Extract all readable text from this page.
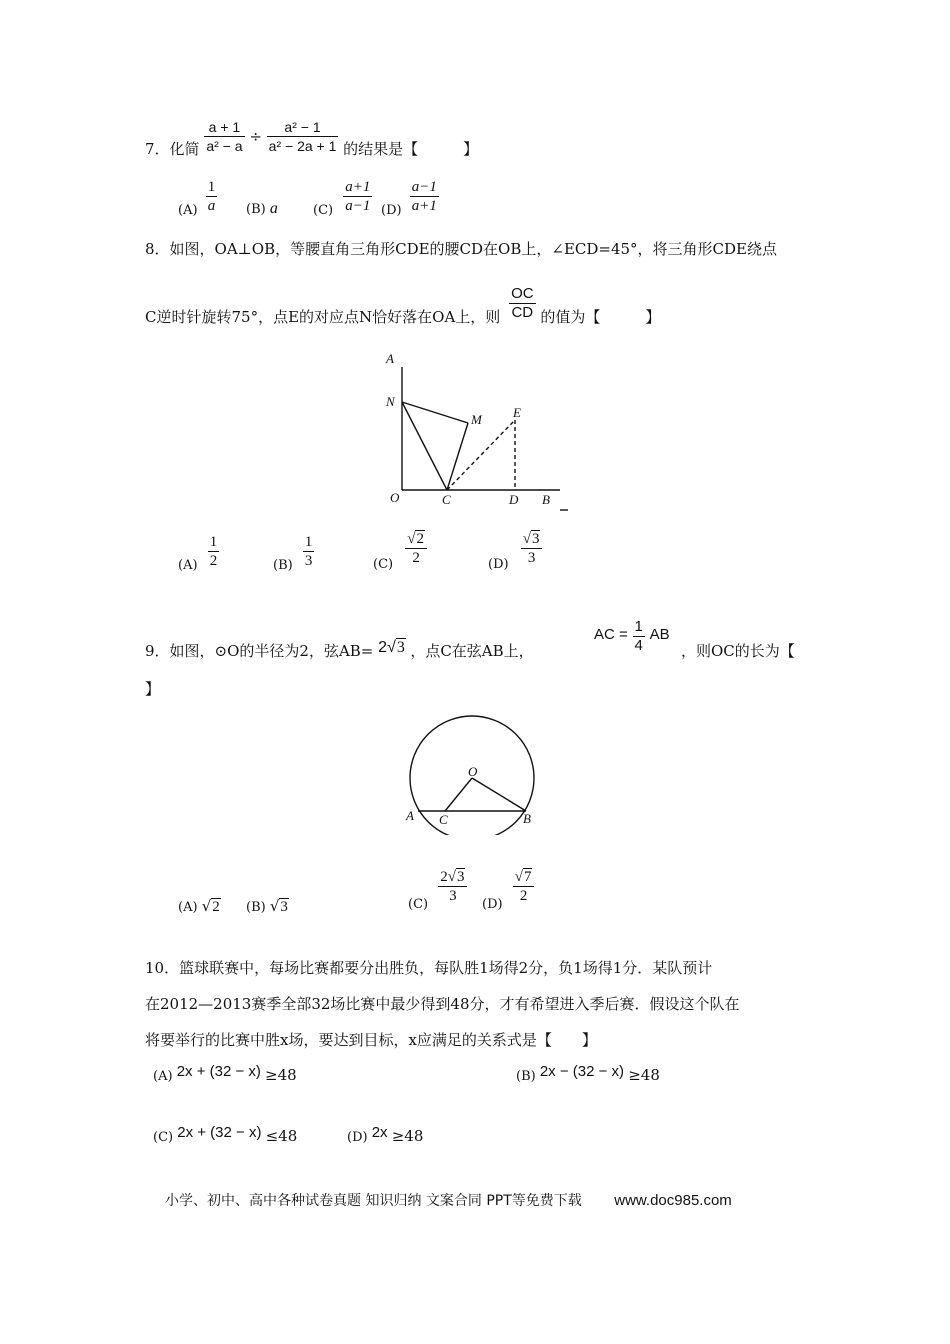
7．化简 $\frac{a + 1}{\text{a² − a}} \div \frac{\text{a² − 1}}{\text{a² − 2a + 1}}$ 的结果是【　　　】
$(A) \frac{1}{a} (B)$ a	$(C) \frac{a+1}{a-1} (D) \frac{a-1}{a+1}$
8．如图，OA⊥OB，等腰直角三角形CDE的腰CD在OB上，∠ECD=45°，将三角形CDE绕点
C逆时针旋转75°，点E的对应点N恰好落在OA上，则 $\frac{OC}{CD}$ 的值为【　　　】
A
N
M E
O	C	D B
$(A) \frac{1}{2}$	$(B) \frac{1}{3}$	$(C) \frac{√2}{2}$	$(D) \frac{√3}{3}$
9．如图，⊙O的半径为2，弦AB= 2√3 ，点C在弦AB上，
AC = $\frac{1}{4}$ AB
，则OC的长为【
】
O
A C	B
(A) √2 (B) √3	$(C) \frac{2√3}{3} (D) \frac{√7}{2}$
10．篮球联赛中，每场比赛都要分出胜负，每队胜1场得2分，负1场得1分．某队预计
在2012—2013赛季全部32场比赛中最少得到48分，才有希望进入季后赛．假设这个队在
将要举行的比赛中胜x场，要达到目标，x应满足的关系式是【　　】
(A) 2x + (32 − x) ≥48	(B) 2x − (32 − x) ≥48
(C) 2x + (32 − x) ≤48	(D) 2x ≥48
小学、初中、高中各种试卷真题 知识归纳 文案合同 PPT等免费下载 www.doc985.com
